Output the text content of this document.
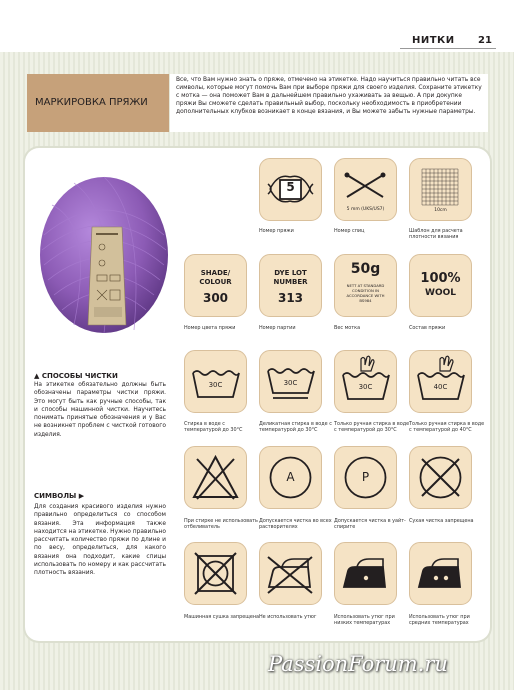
НИТКИ 21
МАРКИРОВКА ПРЯЖИ
Все, что Вам нужно знать о пряже, отмечено на этикетке. Надо научиться правильно читать все символы, которые могут помочь Вам при выборе пряжи для своего изделия. Сохраните этикетку с мотка — она поможет Вам в дальнейшем правильно ухаживать за вещью. А при докупке пряжи Вы сможете сделать правильный выбор, поскольку необходимость в приобретении дополнительных клубков возникает в конце вязания, и Вы можете забыть нужные параметры.
▲ СПОСОБЫ ЧИСТКИ
На этикетке обязательно должны быть обозначены параметры чистки пряжи. Это могут быть как ручные способы, так и способы машинной чистки. Научитесь понимать принятые обозначения и у Вас не возникнет проблем с чисткой готового изделия.
СИМВОЛЫ ▶
Для создания красивого изделия нужно правильно определиться со способом вязания. Эта информация также находится на этикетке. Нужно правильно рассчитать количество пряжи по длине и по весу, определиться, для какого вязания она подходит, какие спицы использовать по номеру и как рассчитать плотность вязания.
5
Номер пряжи
5 mm (UKS/US7)
Номер спиц
10cm
Шаблон для расчета плотности вязания
SHADE/
COLOUR
300
Номер цвета пряжи
DYE LOT
NUMBER
313
Номер партии
50g
NETT AT STANDARD CONDITION IN ACCORDANCE WITH BS984
Вес мотка
100%
WOOL
Состав пряжи
30C
Стирка в воде с температурой до 30°С
30C
Деликатная стирка в воде с температурой до 30°С
30C
Только ручная стирка в воде с температурой до 30°С
40C
Только ручная стирка в воде с температурой до 40°С
При стирке не использовать отбеливатель
A
Допускается чистка во всех растворителях
P
Допускается чистка в уайт-спирите
Сухая чистка запрещена
Машинная сушка запрещена Не использовать утюг	Использовать утюг при низких температурах
Использовать утюг при средних температурах
PassionForum.ru
